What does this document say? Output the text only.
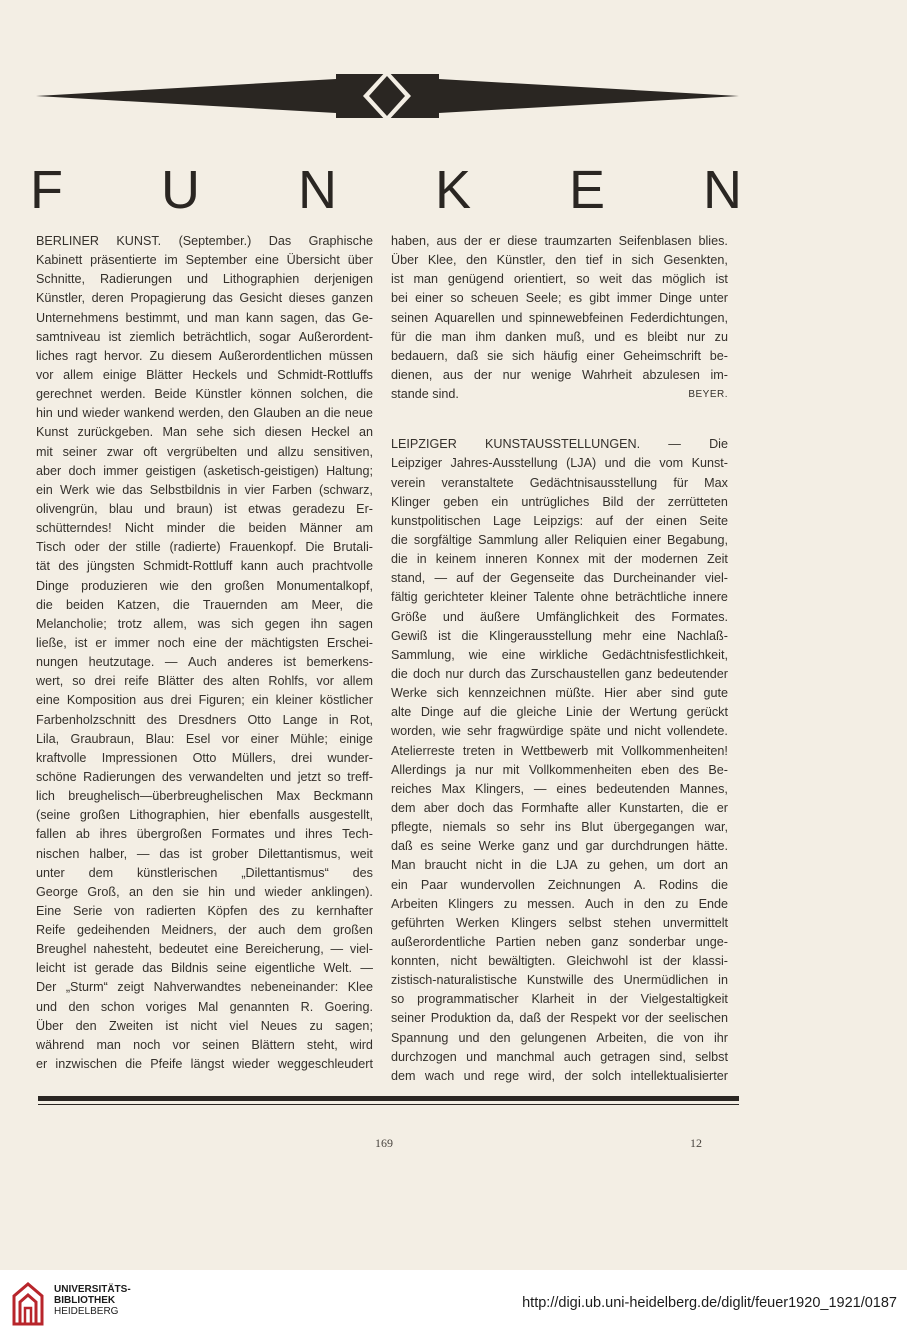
F U N K E N
BERLINER KUNST. (September.) Das Graphische
Kabinett präsentierte im September eine Übersicht über
Schnitte, Radierungen und Lithographien derjenigen
Künstler, deren Propagierung das Gesicht dieses ganzen
Unternehmens bestimmt, und man kann sagen, das Ge-
samtniveau ist ziemlich beträchtlich, sogar Außerordent-
liches ragt hervor. Zu diesem Außerordentlichen müssen
vor allem einige Blätter Heckels und Schmidt-Rottluffs
gerechnet werden. Beide Künstler können solchen, die
hin und wieder wankend werden, den Glauben an die neue
Kunst zurückgeben. Man sehe sich diesen Heckel an
mit seiner zwar oft vergrübelten und allzu sensitiven,
aber doch immer geistigen (asketisch-geistigen) Haltung;
ein Werk wie das Selbstbildnis in vier Farben (schwarz,
olivengrün, blau und braun) ist etwas geradezu Er-
schütterndes! Nicht minder die beiden Männer am
Tisch oder der stille (radierte) Frauenkopf. Die Brutali-
tät des jüngsten Schmidt-Rottluff kann auch prachtvolle
Dinge produzieren wie den großen Monumentalkopf,
die beiden Katzen, die Trauernden am Meer, die
Melancholie; trotz allem, was sich gegen ihn sagen
ließe, ist er immer noch eine der mächtigsten Erschei-
nungen heutzutage. — Auch anderes ist bemerkens-
wert, so drei reife Blätter des alten Rohlfs, vor allem
eine Komposition aus drei Figuren; ein kleiner köstlicher
Farbenholzschnitt des Dresdners Otto Lange in Rot,
Lila, Graubraun, Blau: Esel vor einer Mühle; einige
kraftvolle Impressionen Otto Müllers, drei wunder-
schöne Radierungen des verwandelten und jetzt so treff-
lich breughelisch—überbreughelischen Max Beckmann
(seine großen Lithographien, hier ebenfalls ausgestellt,
fallen ab ihres übergroßen Formates und ihres Tech-
nischen halber, — das ist grober Dilettantismus, weit
unter dem künstlerischen „Dilettantismus“ des
George Groß, an den sie hin und wieder anklingen).
Eine Serie von radierten Köpfen des zu kernhafter
Reife gedeihenden Meidners, der auch dem großen
Breughel nahesteht, bedeutet eine Bereicherung, — viel-
leicht ist gerade das Bildnis seine eigentliche Welt. —
Der „Sturm“ zeigt Nahverwandtes nebeneinander: Klee
und den schon voriges Mal genannten R. Goering.
Über den Zweiten ist nicht viel Neues zu sagen;
während man noch vor seinen Blättern steht, wird
er inzwischen die Pfeife längst wieder weggeschleudert
haben, aus der er diese traumzarten Seifenblasen blies.
Über Klee, den Künstler, den tief in sich Gesenkten,
ist man genügend orientiert, so weit das möglich ist
bei einer so scheuen Seele; es gibt immer Dinge unter
seinen Aquarellen und spinnewebfeinen Federdichtungen,
für die man ihm danken muß, und es bleibt nur zu
bedauern, daß sie sich häufig einer Geheimschrift be-
dienen, aus der nur wenige Wahrheit abzulesen im-
stande sind.	BEYER.
LEIPZIGER KUNSTAUSSTELLUNGEN. — Die
Leipziger Jahres-Ausstellung (LJA) und die vom Kunst-
verein veranstaltete Gedächtnisausstellung für Max
Klinger geben ein untrügliches Bild der zerrütteten
kunstpolitischen Lage Leipzigs: auf der einen Seite
die sorgfältige Sammlung aller Reliquien einer Begabung,
die in keinem inneren Konnex mit der modernen Zeit
stand, — auf der Gegenseite das Durcheinander viel-
fältig gerichteter kleiner Talente ohne beträchtliche innere
Größe und äußere Umfänglichkeit des Formates.
Gewiß ist die Klingerausstellung mehr eine Nachlaß-
Sammlung, wie eine wirkliche Gedächtnisfestlichkeit,
die doch nur durch das Zurschaustellen ganz bedeutender
Werke sich kennzeichnen müßte. Hier aber sind gute
alte Dinge auf die gleiche Linie der Wertung gerückt
worden, wie sehr fragwürdige späte und nicht vollendete.
Atelierreste treten in Wettbewerb mit Vollkommenheiten!
Allerdings ja nur mit Vollkommenheiten eben des Be-
reiches Max Klingers, — eines bedeutenden Mannes,
dem aber doch das Formhafte aller Kunstarten, die er
pflegte, niemals so sehr ins Blut übergegangen war,
daß es seine Werke ganz und gar durchdrungen hätte.
Man braucht nicht in die LJA zu gehen, um dort an
ein Paar wundervollen Zeichnungen A. Rodins die
Arbeiten Klingers zu messen. Auch in den zu Ende
geführten Werken Klingers selbst stehen unvermittelt
außerordentliche Partien neben ganz sonderbar unge-
konnten, nicht bewältigten. Gleichwohl ist der klassi-
zistisch-naturalistische Kunstwille des Unermüdlichen in
so programmatischer Klarheit in der Vielgestaltigkeit
seiner Produktion da, daß der Respekt vor der seelischen
Spannung und den gelungenen Arbeiten, die von ihr
durchzogen und manchmal auch getragen sind, selbst
dem wach und rege wird, der solch intellektualisierter
169	12
UNIVERSITÄTS-
BIBLIOTHEK
HEIDELBERG
http://digi.ub.uni-heidelberg.de/diglit/feuer1920_1921/0187
